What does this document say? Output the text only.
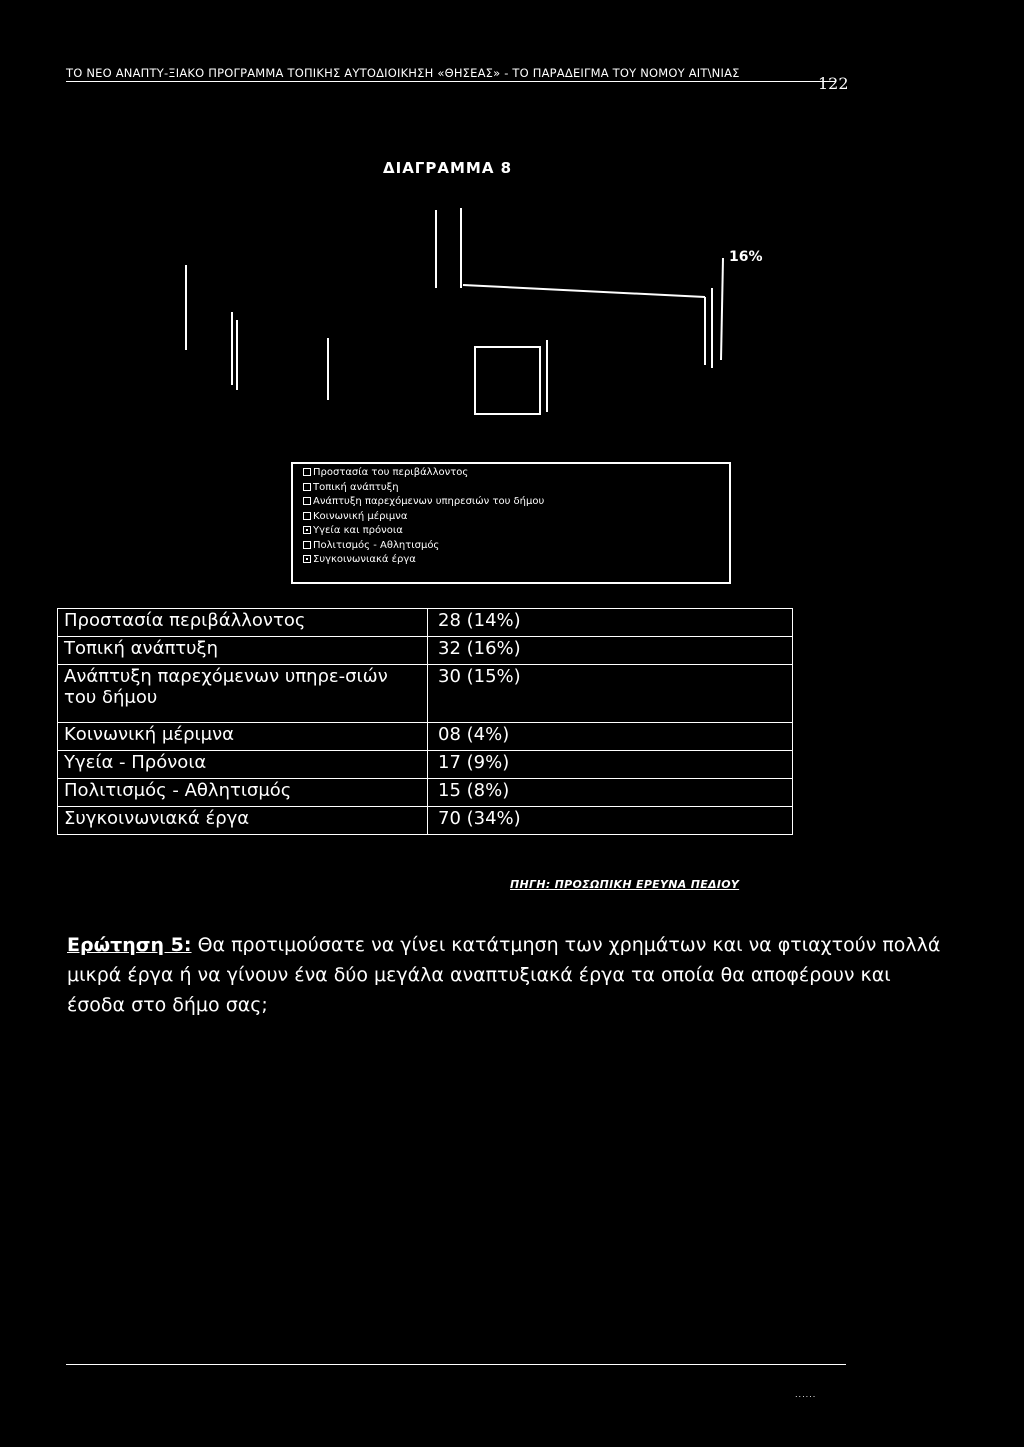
ΤΟ ΝΕΟ ΑΝΑΠΤΥ-ΞΙΑΚΟ ΠΡΟΓΡΑΜΜΑ ΤΟΠΙΚΗΣ ΑΥΤΟΔΙΟΙΚΗΣΗ «ΘΗΣΕΑΣ» - ΤΟ ΠΑΡΑΔΕΙΓΜΑ ΤΟΥ ΝΟΜΟΥ ΑΙΤ\ΝΙΑΣ
122
ΔΙΑΓΡΑΜΜΑ 8
16%
Προστασία του περιβάλλοντος
Τοπική ανάπτυξη
Ανάπτυξη παρεχόμενων υπηρεσιών του δήμου
Κοινωνική μέριμνα
Υγεία και πρόνοια
Πολιτισμός - Αθλητισμός
Συγκοινωνιακά έργα
Προστασία περιβάλλοντος	28 (14%)
Τοπική ανάπτυξη	32 (16%)
Ανάπτυξη παρεχόμενων υπηρε-σιών του δήμου	30 (15%)
Κοινωνική μέριμνα	08 (4%)
Υγεία - Πρόνοια	17 (9%)
Πολιτισμός - Αθλητισμός	15 (8%)
Συγκοινωνιακά έργα	70 (34%)
ΠΗΓΗ: ΠΡΟΣΩΠΙΚΗ ΕΡΕΥΝΑ ΠΕΔΙΟΥ
Ερώτηση 5: Θα προτιμούσατε να γίνει κατάτμηση των χρημάτων και να φτιαχτούν πολλά μικρά έργα ή να γίνουν ένα δύο μεγάλα αναπτυξιακά έργα τα οποία θα αποφέρουν και έσοδα στο δήμο σας;
......
